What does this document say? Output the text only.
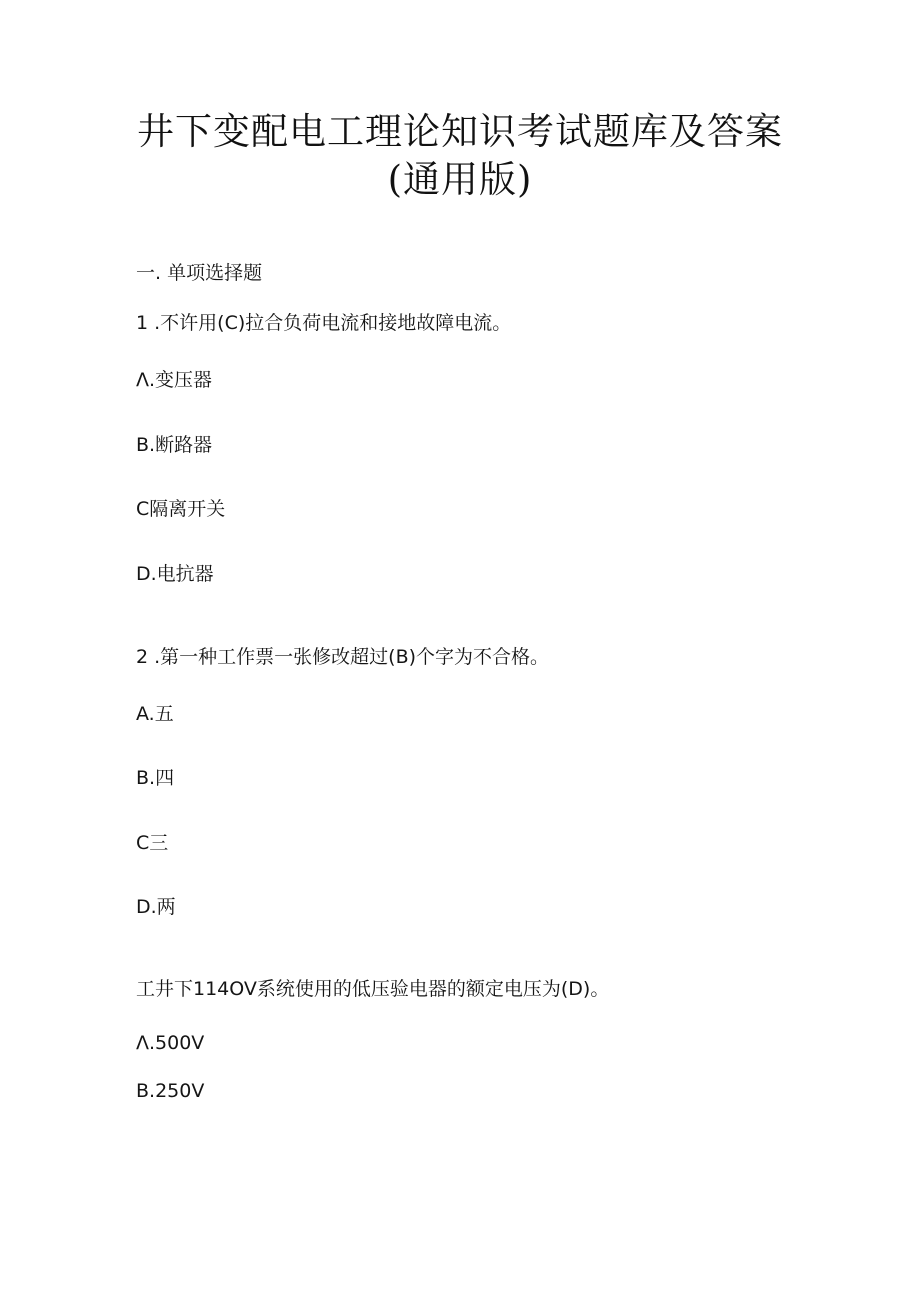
井下变配电工理论知识考试题库及答案
(通用版)
一. 单项选择题
1 .不许用(C)拉合负荷电流和接地故障电流。
Λ.变压器
B.断路器
C隔离开关
D.电抗器
2 .第一种工作票一张修改超过(B)个字为不合格。
A.五
B.四
C三
D.两
工井下114OV系统使用的低压验电器的额定电压为(D)。
Λ.500V
B.250V
